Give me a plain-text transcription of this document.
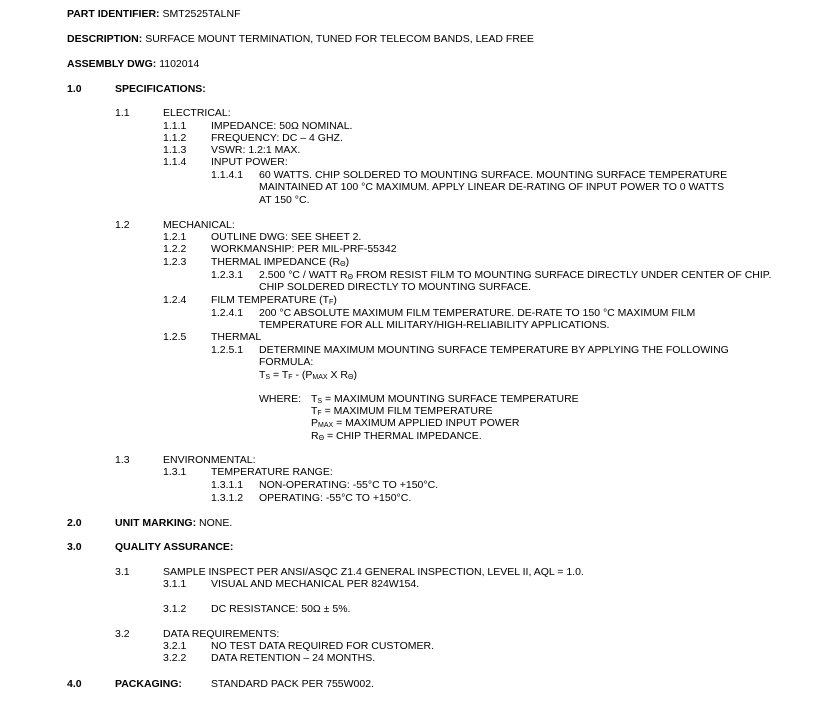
PART IDENTIFIER: SMT2525TALNF
DESCRIPTION: SURFACE MOUNT TERMINATION, TUNED FOR TELECOM BANDS, LEAD FREE
ASSEMBLY DWG: 1102014
1.0	SPECIFICATIONS:
1.1	ELECTRICAL:
1.1.1 IMPEDANCE: 50Ω NOMINAL.
1.1.2 FREQUENCY: DC – 4 GHZ.
1.1.3 VSWR: 1.2:1 MAX.
1.1.4 INPUT POWER:
1.1.4.1 60 WATTS. CHIP SOLDERED TO MOUNTING SURFACE. MOUNTING SURFACE TEMPERATURE
MAINTAINED AT 100 °C MAXIMUM. APPLY LINEAR DE-RATING OF INPUT POWER TO 0 WATTS
AT 150 °C.
1.2	MECHANICAL:
1.2.1 OUTLINE DWG: SEE SHEET 2.
1.2.2 WORKMANSHIP: PER MIL-PRF-55342
1.2.3 THERMAL IMPEDANCE $(R_\Theta)$
1.2.3.1 2.500 °C / WATT $R_\Theta$ FROM RESIST FILM TO MOUNTING SURFACE DIRECTLY UNDER CENTER OF CHIP.
CHIP SOLDERED DIRECTLY TO MOUNTING SURFACE.
1.2.4 FILM TEMPERATURE $(T_F)$
1.2.4.1 200 °C ABSOLUTE MAXIMUM FILM TEMPERATURE. DE-RATE TO 150 °C MAXIMUM FILM
TEMPERATURE FOR ALL MILITARY/HIGH-RELIABILITY APPLICATIONS.
1.2.5 THERMAL
1.2.5.1 DETERMINE MAXIMUM MOUNTING SURFACE TEMPERATURE BY APPLYING THE FOLLOWING
FORMULA:
$T_S = T_F - (P_{MAX}$ X $R_\Theta$)
WHERE: $T_S$ = MAXIMUM MOUNTING SURFACE TEMPERATURE
$T_F$ = MAXIMUM FILM TEMPERATURE
$P_{MAX}$ = MAXIMUM APPLIED INPUT POWER
$R_\Theta$ = CHIP THERMAL IMPEDANCE.
1.3	ENVIRONMENTAL:
1.3.1 TEMPERATURE RANGE:
1.3.1.1 NON-OPERATING: -55°C TO +150°C.
1.3.1.2 OPERATING: -55°C TO +150°C.
2.0	UNIT MARKING: NONE.
3.0	QUALITY ASSURANCE:
3.1	SAMPLE INSPECT PER ANSI/ASQC Z1.4 GENERAL INSPECTION, LEVEL II, AQL = 1.0.
3.1.1 VISUAL AND MECHANICAL PER 824W154.
3.1.2 DC RESISTANCE: 50Ω ± 5%.
3.2	DATA REQUIREMENTS:
3.2.1 NO TEST DATA REQUIRED FOR CUSTOMER.
3.2.2 DATA RETENTION – 24 MONTHS.
4.0	PACKAGING:	STANDARD PACK PER 755W002.
